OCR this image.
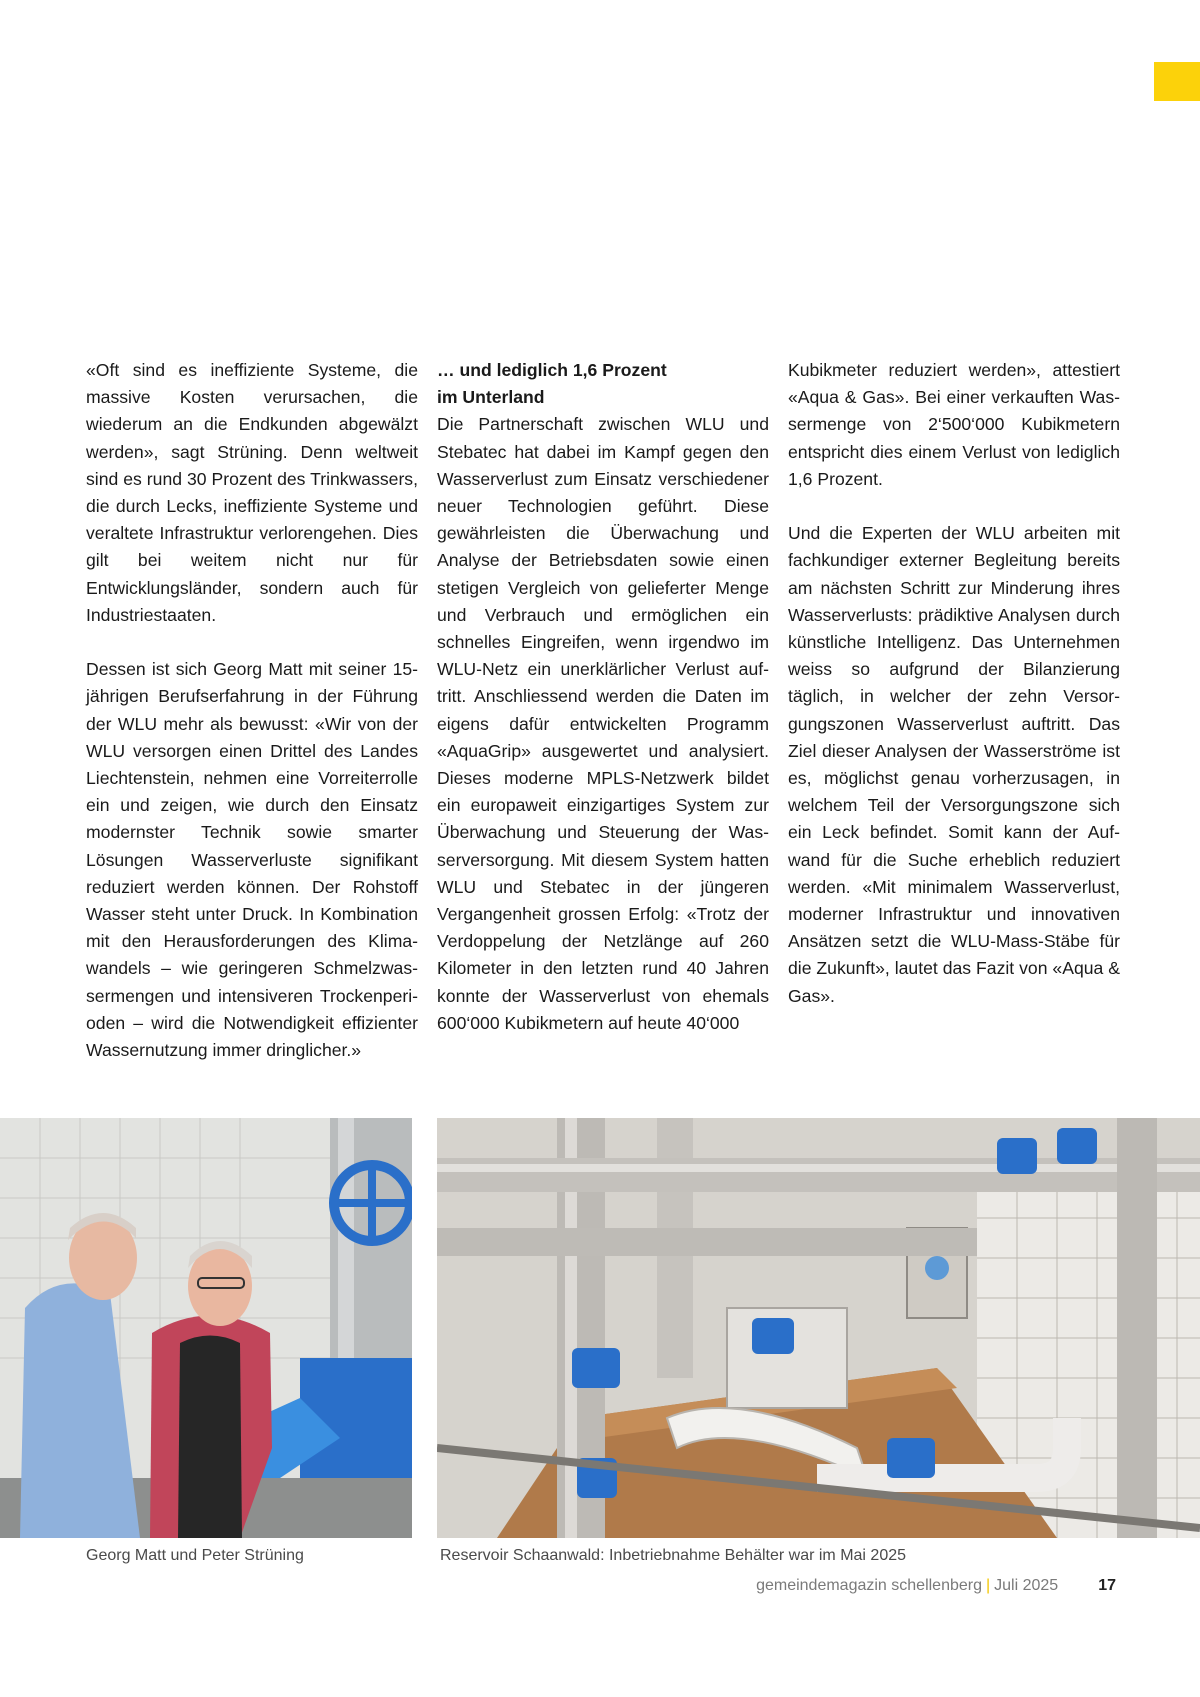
«Oft sind es ineffiziente Systeme, die massive Kosten verursachen, die wiederum an die Endkunden abgewälzt werden», sagt Strüning. Denn weltweit sind es rund 30 Prozent des Trinkwassers, die durch Lecks, ineffiziente Systeme und veraltete Infrastruktur verlorengehen. Dies gilt bei weitem nicht nur für Entwicklungsländer, sondern auch für Industriestaaten.

Dessen ist sich Georg Matt mit seiner 15-jährigen Berufserfahrung in der Führung der WLU mehr als bewusst: «Wir von der WLU versorgen einen Drittel des Landes Liechtenstein, nehmen eine Vorreiterrolle ein und zeigen, wie durch den Einsatz modernster Technik sowie smarter Lösungen Wasserverluste signifikant reduziert werden können. Der Rohstoff Wasser steht unter Druck. In Kombination mit den Herausforderungen des Klimawandels – wie geringeren Schmelzwassermengen und intensiveren Trockenperioden – wird die Notwendigkeit effizienter Wassernutzung immer dringlicher.»

… und lediglich 1,6 Prozent
im Unterland

Die Partnerschaft zwischen WLU und Stebatec hat dabei im Kampf gegen den Wasserverlust zum Einsatz verschiedener neuer Technologien geführt. Diese gewährleisten die Überwachung und Analyse der Betriebsdaten sowie einen stetigen Vergleich von gelieferter Menge und Verbrauch und ermöglichen ein schnelles Eingreifen, wenn irgendwo im WLU-Netz ein unerklärlicher Verlust auftritt. Anschliessend werden die Daten im eigens dafür entwickelten Programm «AquaGrip» ausgewertet und analysiert. Dieses moderne MPLS-Netzwerk bildet ein europaweit einzigartiges System zur Überwachung und Steuerung der Wasserversorgung. Mit diesem System hatten WLU und Stebatec in der jüngeren Vergangenheit grossen Erfolg: «Trotz der Verdoppelung der Netzlänge auf 260 Kilometer in den letzten rund 40 Jahren konnte der Wasserverlust von ehemals 600‘000 Kubikmetern auf heute 40‘000

Kubikmeter reduziert werden», attestiert «Aqua & Gas». Bei einer verkauften Wassermenge von 2‘500‘000 Kubikmetern entspricht dies einem Verlust von lediglich 1,6 Prozent.

Und die Experten der WLU arbeiten mit fachkundiger externer Begleitung bereits am nächsten Schritt zur Minderung ihres Wasserverlusts: prädiktive Analysen durch künstliche Intelligenz. Das Unternehmen weiss so aufgrund der Bilanzierung täglich, in welcher der zehn Versorgungszonen Wasserverlust auftritt. Das Ziel dieser Analysen der Wasserströme ist es, möglichst genau vorherzusagen, in welchem Teil der Versorgungszone sich ein Leck befindet. Somit kann der Aufwand für die Suche erheblich reduziert werden. «Mit minimalem Wasserverlust, moderner Infrastruktur und innovativen Ansätzen setzt die WLU-Mass-Stäbe für die Zukunft», lautet das Fazit von «Aqua & Gas».

Georg Matt und Peter Strüning	Reservoir Schaanwald: Inbetriebnahme Behälter war im Mai 2025
gemeindemagazin schellenberg | Juli 2025	17
